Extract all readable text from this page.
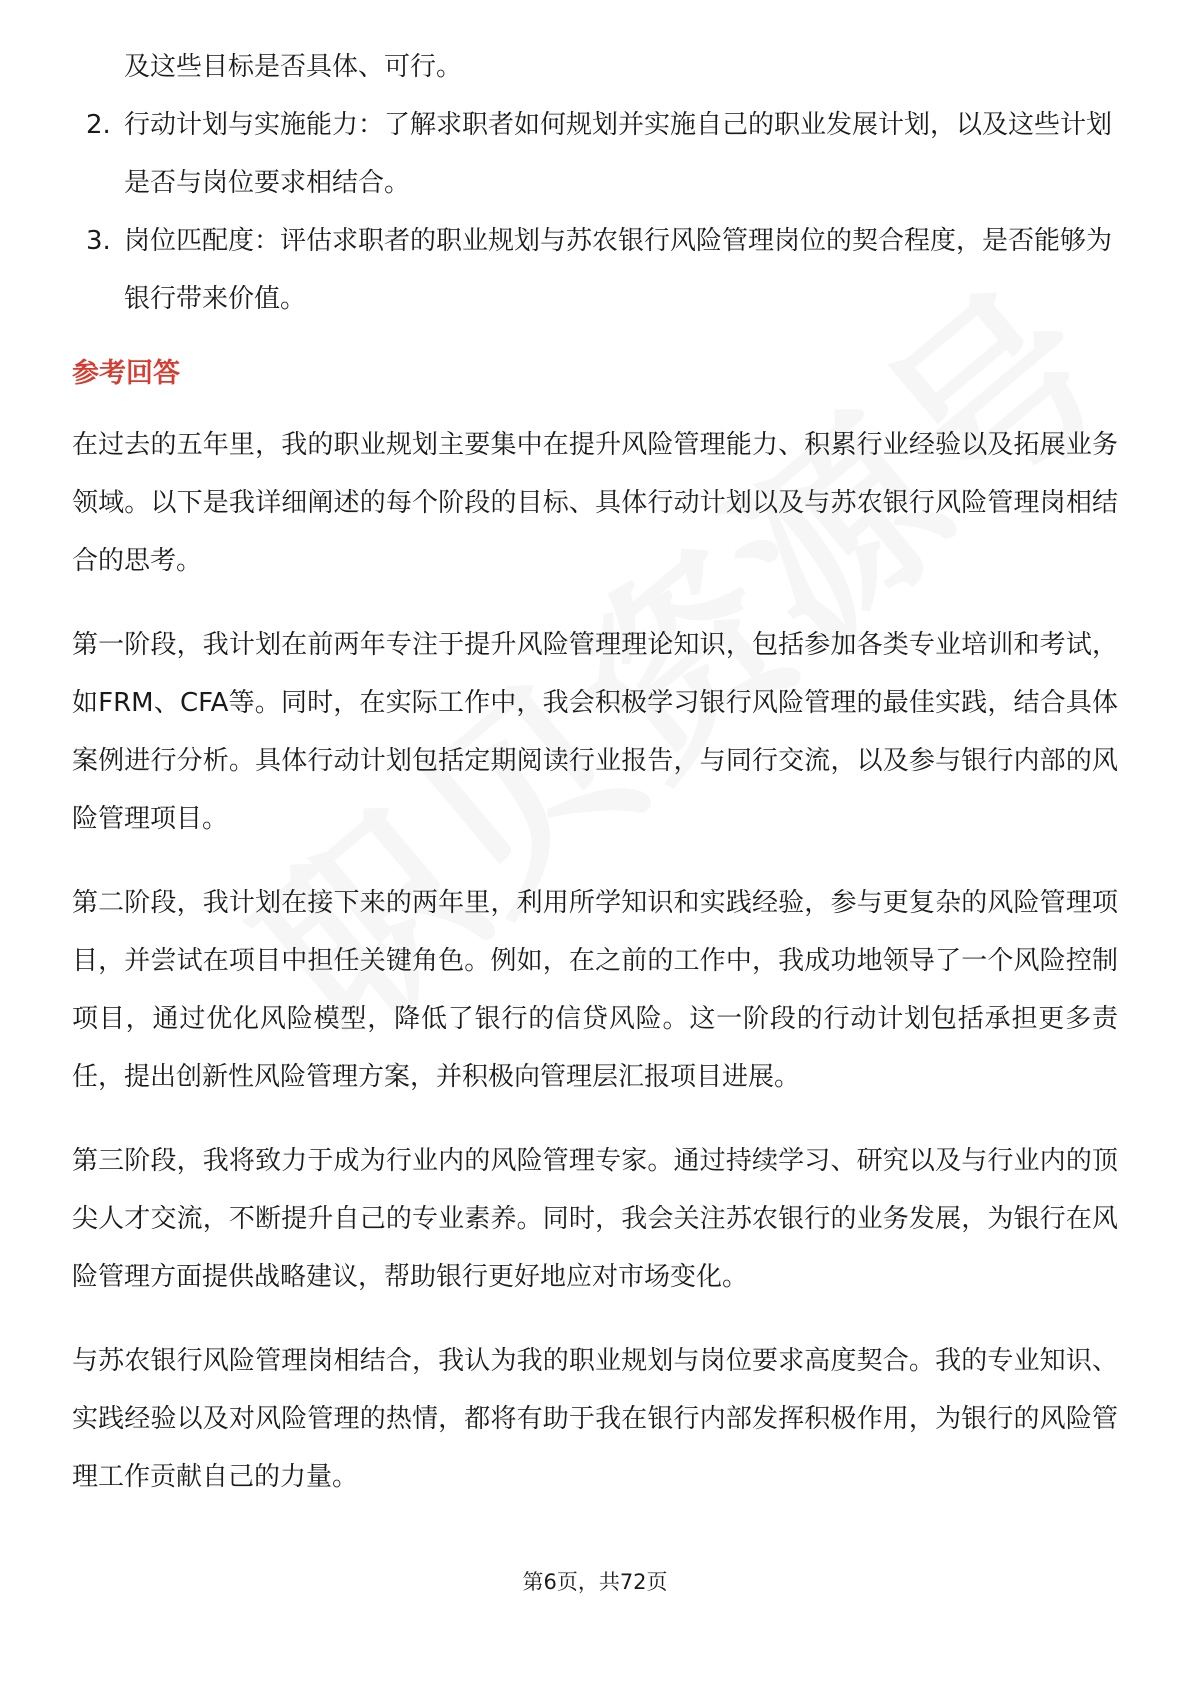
及这些目标是否具体、可行。

2. 行动计划与实施能力：了解求职者如何规划并实施自己的职业发展计划，以及这些计划是否与岗位要求相结合。
3. 岗位匹配度：评估求职者的职业规划与苏农银行风险管理岗位的契合程度，是否能够为银行带来价值。
参考回答

在过去的五年里，我的职业规划主要集中在提升风险管理能力、积累行业经验以及拓展业务领域。以下是我详细阐述的每个阶段的目标、具体行动计划以及与苏农银行风险管理岗相结合的思考。

第一阶段，我计划在前两年专注于提升风险管理理论知识，包括参加各类专业培训和考试，如FRM、CFA等。同时，在实际工作中，我会积极学习银行风险管理的最佳实践，结合具体案例进行分析。具体行动计划包括定期阅读行业报告，与同行交流，以及参与银行内部的风险管理项目。

第二阶段，我计划在接下来的两年里，利用所学知识和实践经验，参与更复杂的风险管理项目，并尝试在项目中担任关键角色。例如，在之前的工作中，我成功地领导了一个风险控制项目，通过优化风险模型，降低了银行的信贷风险。这一阶段的行动计划包括承担更多责任，提出创新性风险管理方案，并积极向管理层汇报项目进展。

第三阶段，我将致力于成为行业内的风险管理专家。通过持续学习、研究以及与行业内的顶尖人才交流，不断提升自己的专业素养。同时，我会关注苏农银行的业务发展，为银行在风险管理方面提供战略建议，帮助银行更好地应对市场变化。

与苏农银行风险管理岗相结合，我认为我的职业规划与岗位要求高度契合。我的专业知识、实践经验以及对风险管理的热情，都将有助于我在银行内部发挥积极作用，为银行的风险管理工作贡献自己的力量。

第6页，共72页
